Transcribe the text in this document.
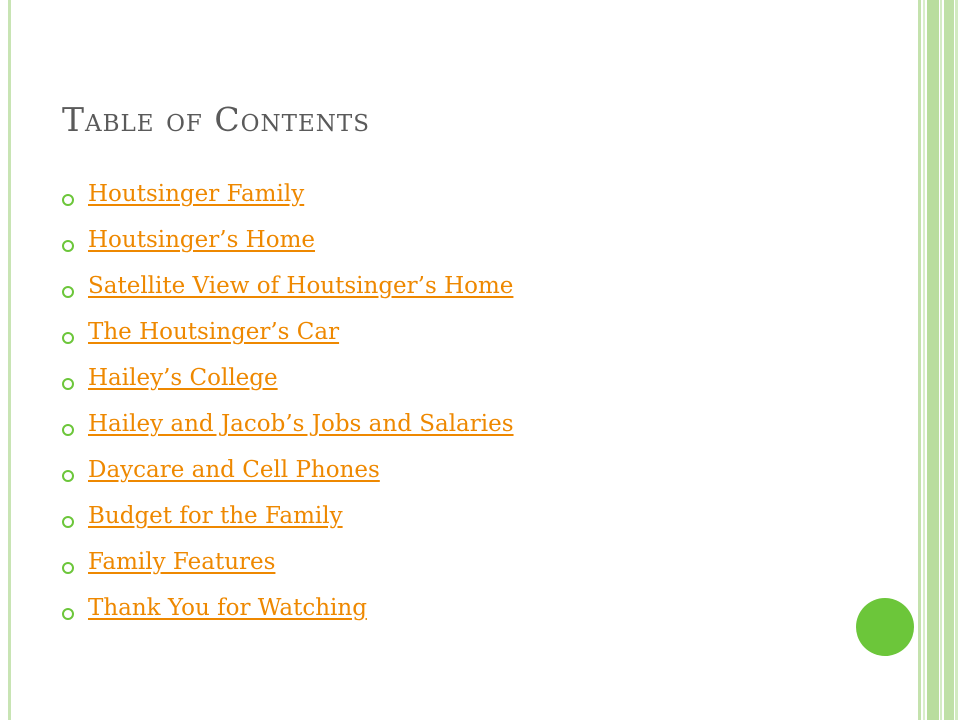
Table of Contents
Houtsinger Family
Houtsinger’s Home
Satellite View of Houtsinger’s Home
The Houtsinger’s Car
Hailey’s College
Hailey and Jacob’s Jobs and Salaries
Daycare and Cell Phones
Budget for the Family
Family Features
Thank You for Watching
